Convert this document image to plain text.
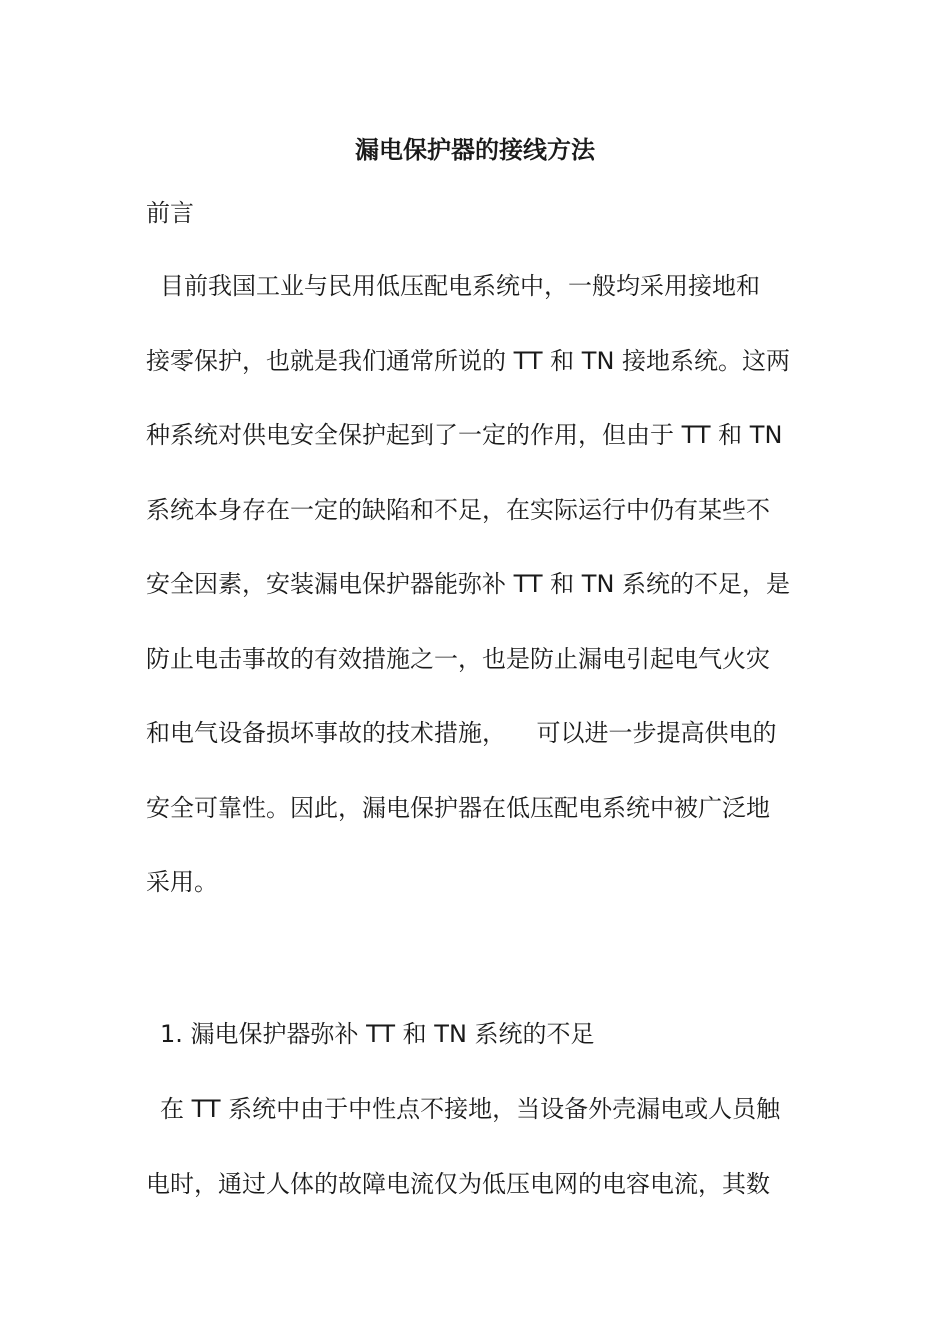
漏电保护器的接线方法
前言
目前我国工业与民用低压配电系统中，一般均采用接地和
接零保护，也就是我们通常所说的 TT 和 TN 接地系统。这两
种系统对供电安全保护起到了一定的作用，但由于 TT 和 TN
系统本身存在一定的缺陷和不足，在实际运行中仍有某些不
安全因素，安装漏电保护器能弥补 TT 和 TN 系统的不足，是
防止电击事故的有效措施之一，也是防止漏电引起电气火灾
和电气设备损坏事故的技术措施，    可以进一步提高供电的
安全可靠性。因此，漏电保护器在低压配电系统中被广泛地
采用。
1. 漏电保护器弥补 TT 和 TN 系统的不足
在 TT 系统中由于中性点不接地，当设备外壳漏电或人员触
电时，通过人体的故障电流仅为低压电网的电容电流，其数
